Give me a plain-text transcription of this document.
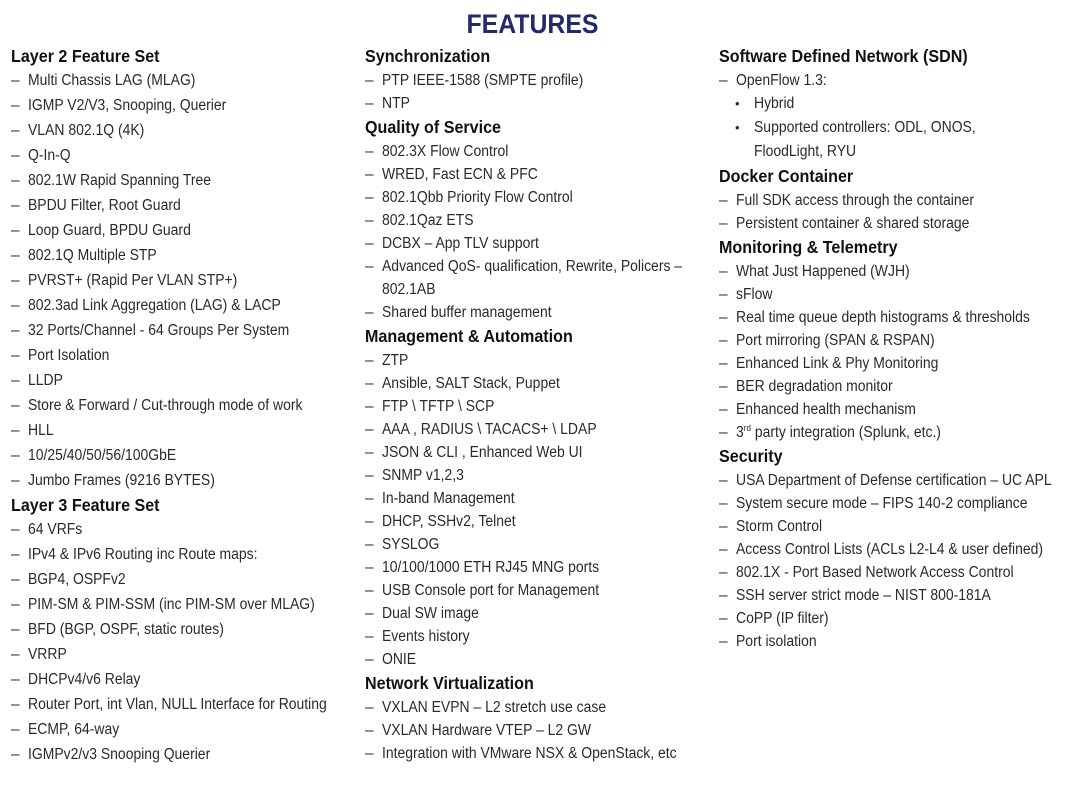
FEATURES
Layer 2 Feature Set
– Multi Chassis LAG (MLAG)
– IGMP V2/V3, Snooping, Querier
– VLAN 802.1Q (4K)
– Q-In-Q
– 802.1W Rapid Spanning Tree
– BPDU Filter, Root Guard
– Loop Guard, BPDU Guard
– 802.1Q Multiple STP
– PVRST+ (Rapid Per VLAN STP+)
– 802.3ad Link Aggregation (LAG) & LACP
– 32 Ports/Channel - 64 Groups Per System
– Port Isolation
– LLDP
– Store & Forward / Cut-through mode of work
– HLL
– 10/25/40/50/56/100GbE
– Jumbo Frames (9216 BYTES)
Layer 3 Feature Set
– 64 VRFs
– IPv4 & IPv6 Routing inc Route maps:
– BGP4, OSPFv2
– PIM-SM & PIM-SSM (inc PIM-SM over MLAG)
– BFD (BGP, OSPF, static routes)
– VRRP
– DHCPv4/v6 Relay
– Router Port, int Vlan, NULL Interface for Routing
– ECMP, 64-way
– IGMPv2/v3 Snooping Querier
Synchronization
– PTP IEEE-1588 (SMPTE profile)
– NTP
Quality of Service
– 802.3X Flow Control
– WRED, Fast ECN & PFC
– 802.1Qbb Priority Flow Control
– 802.1Qaz ETS
– DCBX – App TLV support
– Advanced QoS- qualification, Rewrite, Policers – 802.1AB
– Shared buffer management
Management & Automation
– ZTP
– Ansible, SALT Stack, Puppet
– FTP \ TFTP \ SCP
– AAA , RADIUS \ TACACS+ \ LDAP
– JSON & CLI , Enhanced Web UI
– SNMP v1,2,3
– In-band Management
– DHCP, SSHv2, Telnet
– SYSLOG
– 10/100/1000 ETH RJ45 MNG ports
– USB Console port for Management
– Dual SW image
– Events history
– ONIE
Network Virtualization
– VXLAN EVPN – L2 stretch use case
– VXLAN Hardware VTEP – L2 GW
– Integration with VMware NSX & OpenStack, etc
Software Defined Network (SDN)
– OpenFlow 1.3:
• Hybrid
• Supported controllers: ODL, ONOS, FloodLight, RYU
Docker Container
– Full SDK access through the container
– Persistent container & shared storage
Monitoring & Telemetry
– What Just Happened (WJH)
– sFlow
– Real time queue depth histograms & thresholds
– Port mirroring (SPAN & RSPAN)
– Enhanced Link & Phy Monitoring
– BER degradation monitor
– Enhanced health mechanism
– 3rd party integration (Splunk, etc.)
Security
– USA Department of Defense certification – UC APL
– System secure mode – FIPS 140-2 compliance
– Storm Control
– Access Control Lists (ACLs L2-L4 & user defined)
– 802.1X - Port Based Network Access Control
– SSH server strict mode – NIST 800-181A
– CoPP (IP filter)
– Port isolation
